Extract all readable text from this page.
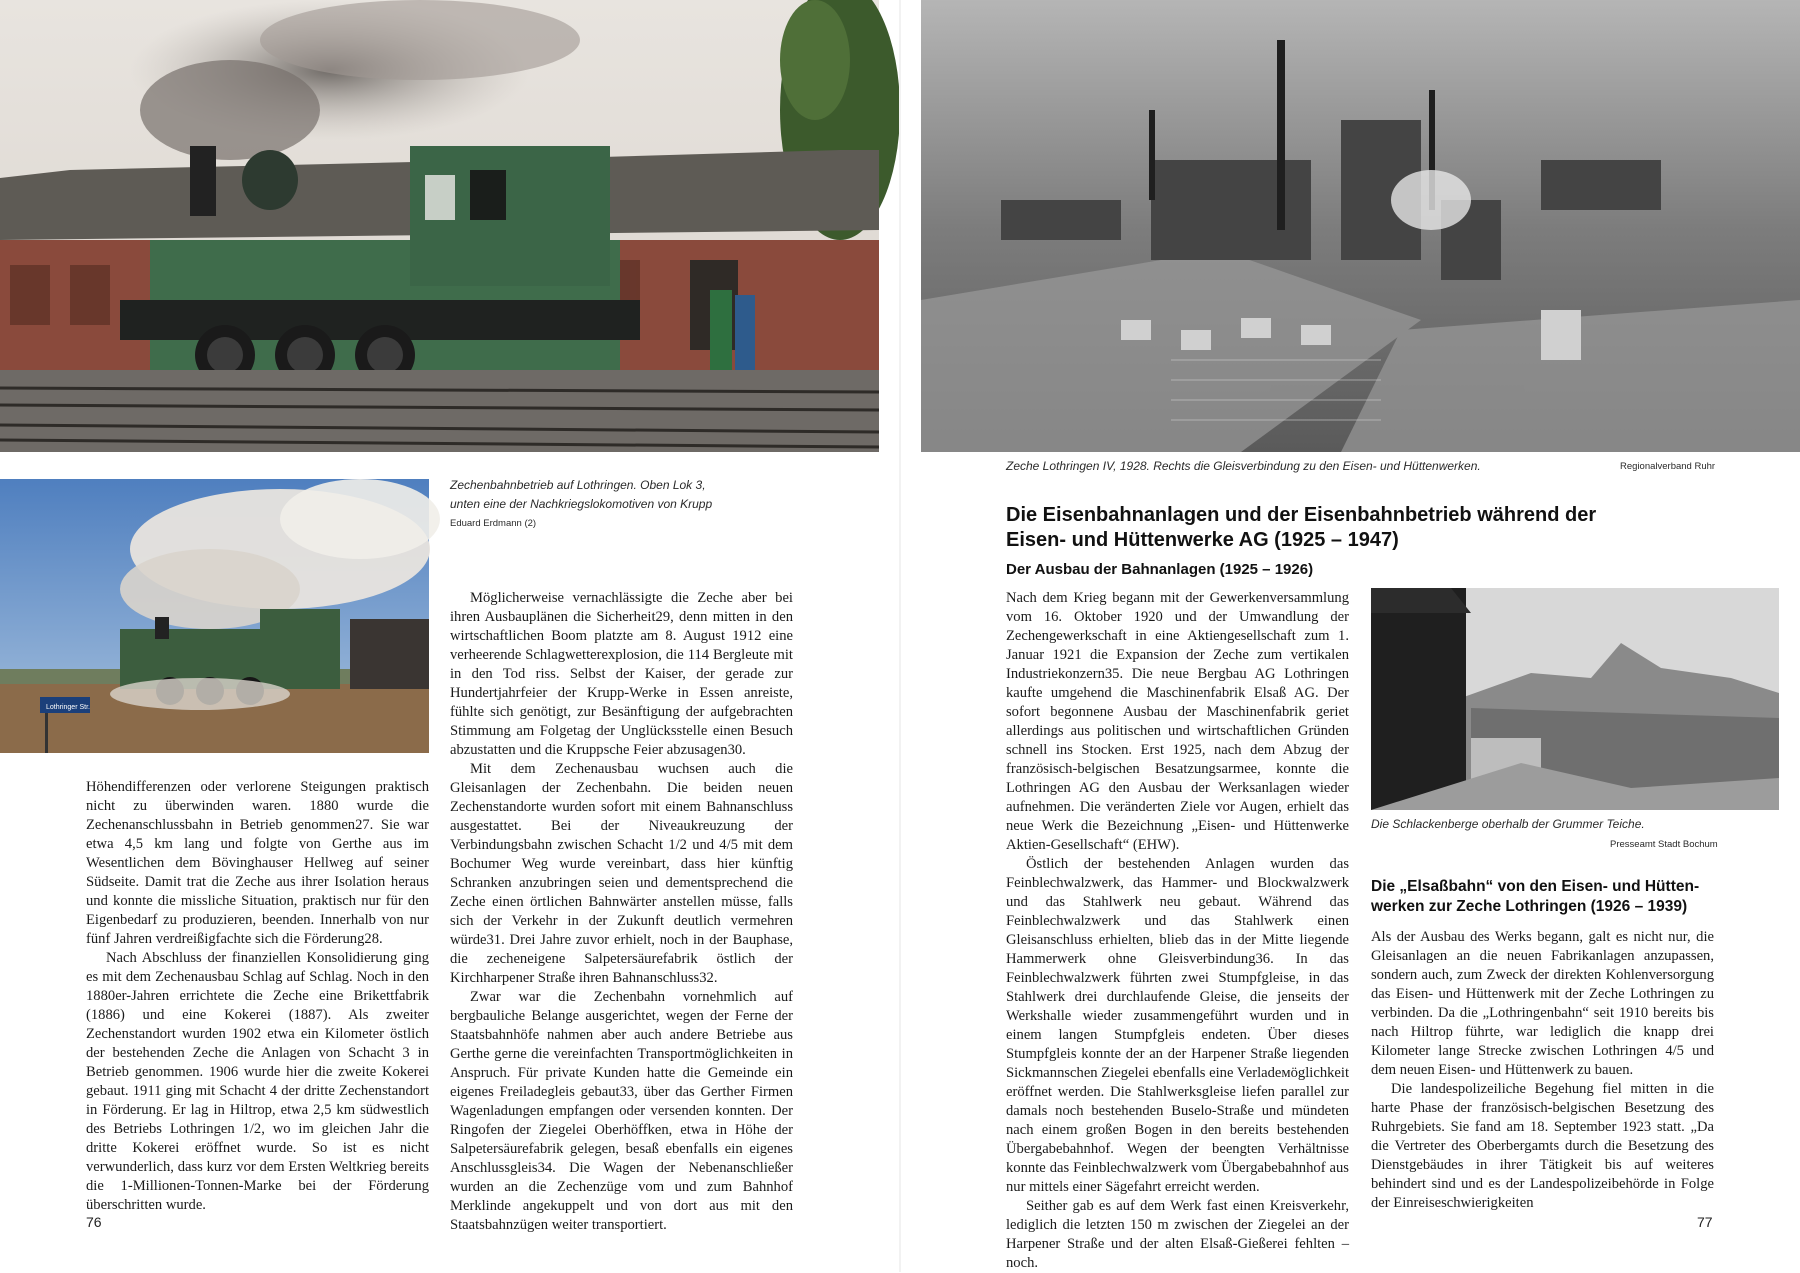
Lothringer Str.
Zechenbahnbetrieb auf Lothringen. Oben Lok 3,
unten eine der Nachkriegslokomotiven von Krupp
Eduard Erdmann (2)

Höhendifferenzen oder verlorene Steigungen praktisch nicht zu überwinden waren. 1880 wurde die Zechenanschlussbahn in Betrieb genommen27. Sie war etwa 4,5 km lang und folgte von Gerthe aus im Wesentlichen dem Bövinghauser Hellweg auf seiner Südseite. Damit trat die Zeche aus ihrer Isolation heraus und konnte die missliche Situation, praktisch nur für den Eigenbedarf zu produzieren, beenden. Innerhalb von nur fünf Jahren verdreißigfachte sich die Förderung28.

Nach Abschluss der finanziellen Konsolidierung ging es mit dem Zechenausbau Schlag auf Schlag. Noch in den 1880er-Jahren errichtete die Zeche eine Brikettfabrik (1886) und eine Kokerei (1887). Als zweiter Zechenstandort wurden 1902 etwa ein Kilometer östlich der bestehenden Zeche die Anlagen von Schacht 3 in Betrieb genommen. 1906 wurde hier die zweite Kokerei gebaut. 1911 ging mit Schacht 4 der dritte Zechenstandort in Förderung. Er lag in Hiltrop, etwa 2,5 km südwestlich des Betriebs Lothringen 1/2, wo im gleichen Jahr die dritte Kokerei eröffnet wurde. So ist es nicht verwunderlich, dass kurz vor dem Ersten Weltkrieg bereits die 1-Millionen-Tonnen-Marke bei der Förderung überschritten wurde.

Möglicherweise vernachlässigte die Zeche aber bei ihren Ausbauplänen die Sicherheit29, denn mitten in den wirtschaftlichen Boom platzte am 8. August 1912 eine verheerende Schlagwetterexplosion, die 114 Bergleute mit in den Tod riss. Selbst der Kaiser, der gerade zur Hundertjahrfeier der Krupp-Werke in Essen anreiste, fühlte sich genötigt, zur Besänftigung der aufgebrachten Stimmung am Folgetag der Unglücksstelle einen Besuch abzustatten und die Kruppsche Feier abzusagen30.

Mit dem Zechenausbau wuchsen auch die Gleisanlagen der Zechenbahn. Die beiden neuen Zechenstandorte wurden sofort mit einem Bahnanschluss ausgestattet. Bei der Niveaukreuzung der Verbindungsbahn zwischen Schacht 1/2 und 4/5 mit dem Bochumer Weg wurde vereinbart, dass hier künftig Schranken anzubringen seien und dementsprechend die Zeche einen örtlichen Bahnwärter anstellen müsse, falls sich der Verkehr in der Zukunft deutlich vermehren würde31. Drei Jahre zuvor erhielt, noch in der Bauphase, die zecheneigene Salpetersäurefabrik östlich der Kirchharpener Straße ihren Bahnanschluss32.

Zwar war die Zechenbahn vornehmlich auf bergbauliche Belange ausgerichtet, wegen der Ferne der Staatsbahnhöfe nahmen aber auch andere Betriebe aus Gerthe gerne die vereinfachten Transportmöglichkeiten in Anspruch. Für private Kunden hatte die Gemeinde ein eigenes Freiladegleis gebaut33, über das Gerther Firmen Wagenladungen empfangen oder versenden konnten. Der Ringofen der Ziegelei Oberhöffken, etwa in Höhe der Salpetersäurefabrik gelegen, besaß ebenfalls ein eigenes Anschlussgleis34. Die Wagen der Nebenanschließer wurden an die Zechenzüge vom und zum Bahnhof Merklinde angekuppelt und von dort aus mit den Staatsbahnzügen weiter transportiert.

76
Zeche Lothringen IV, 1928. Rechts die Gleisverbindung zu den Eisen- und Hüttenwerken.	Regionalverband Ruhr
Die Eisenbahnanlagen und der Eisenbahnbetrieb während der
Eisen- und Hüttenwerke AG (1925 – 1947)
Der Ausbau der Bahnanlagen (1925 – 1926)

Nach dem Krieg begann mit der Gewerkenversammlung vom 16. Oktober 1920 und der Umwandlung der Zechengewerkschaft in eine Aktiengesellschaft zum 1. Januar 1921 die Expansion der Zeche zum vertikalen Industriekonzern35. Die neue Bergbau AG Lothringen kaufte umgehend die Maschinenfabrik Elsaß AG. Der sofort begonnene Ausbau der Maschinenfabrik geriet allerdings aus politischen und wirtschaftlichen Gründen schnell ins Stocken. Erst 1925, nach dem Abzug der französisch-belgischen Besatzungsarmee, konnte die Lothringen AG den Ausbau der Werksanlagen wieder aufnehmen. Die veränderten Ziele vor Augen, erhielt das neue Werk die Bezeichnung „Eisen- und Hüttenwerke Aktien-Gesellschaft“ (EHW).

Östlich der bestehenden Anlagen wurden das Feinblechwalzwerk, das Hammer- und Blockwalzwerk und das Stahlwerk neu gebaut. Während das Feinblechwalzwerk und das Stahlwerk einen Gleisanschluss erhielten, blieb das in der Mitte liegende Hammerwerk ohne Gleisverbindung36. In das Feinblechwalzwerk führten zwei Stumpfgleise, in das Stahlwerk drei durchlaufende Gleise, die jenseits der Werkshalle wieder zusammengeführt wurden und in einem langen Stumpfgleis endeten. Über dieses Stumpfgleis konnte der an der Harpener Straße liegenden Sickmannschen Ziegelei ebenfalls eine Verladeмöglichkeit eröffnet werden. Die Stahlwerksgleise liefen parallel zur damals noch bestehenden Buselo-Straße und mündeten nach einem großen Bogen in den bereits bestehenden Übergabebahnhof. Wegen der beengten Verhältnisse konnte das Feinblechwalzwerk vom Übergabebahnhof aus nur mittels einer Sägefahrt erreicht werden.

Seither gab es auf dem Werk fast einen Kreisverkehr, lediglich die letzten 150 m zwischen der Ziegelei an der Harpener Straße und der alten Elsaß-Gießerei fehlten – noch.

Die Schlackenberge oberhalb der Grummer Teiche.
Presseamt Stadt Bochum
Die „Elsaßbahn“ von den Eisen- und Hütten-
werken zur Zeche Lothringen (1926 – 1939)

Als der Ausbau des Werks begann, galt es nicht nur, die Gleisanlagen an die neuen Fabrikanlagen anzupassen, sondern auch, zum Zweck der direkten Kohlenversorgung das Eisen- und Hüttenwerk mit der Zeche Lothringen zu verbinden. Da die „Lothringenbahn“ seit 1910 bereits bis nach Hiltrop führte, war lediglich die knapp drei Kilometer lange Strecke zwischen Lothringen 4/5 und dem neuen Eisen- und Hüttenwerk zu bauen.

Die landespolizeiliche Begehung fiel mitten in die harte Phase der französisch-belgischen Besetzung des Ruhrgebiets. Sie fand am 18. September 1923 statt. „Da die Vertreter des Oberbergamts durch die Besetzung des Dienstgebäudes in ihrer Tätigkeit bis auf weiteres behindert sind und es der Landespolizeibehörde in Folge der Einreiseschwierigkeiten

77
